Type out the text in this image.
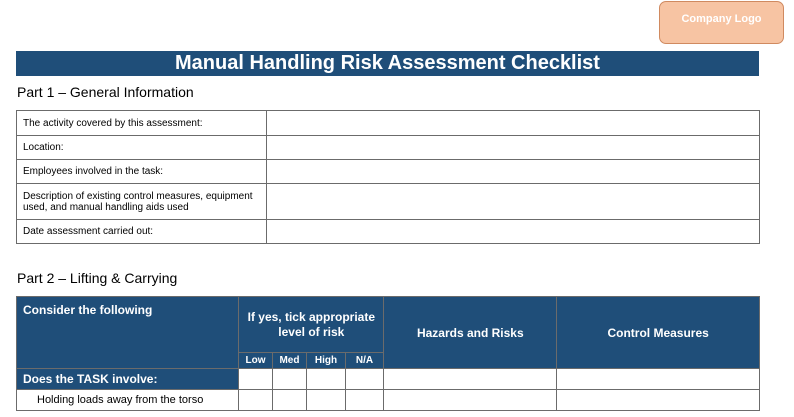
Company Logo
Manual Handling Risk Assessment Checklist
Part 1 – General Information
The activity covered by this assessment:	
Location:	
Employees involved in the task:	
Description of existing control measures, equipment used, and manual handling aids used	
Date assessment carried out:	
Part 2 – Lifting & Carrying
Consider the following	If yes, tick appropriate level of risk				Hazards and Risks	Control Measures
	Low	Med	High	N/A		
Does the TASK involve:						
Holding loads away from the torso						
